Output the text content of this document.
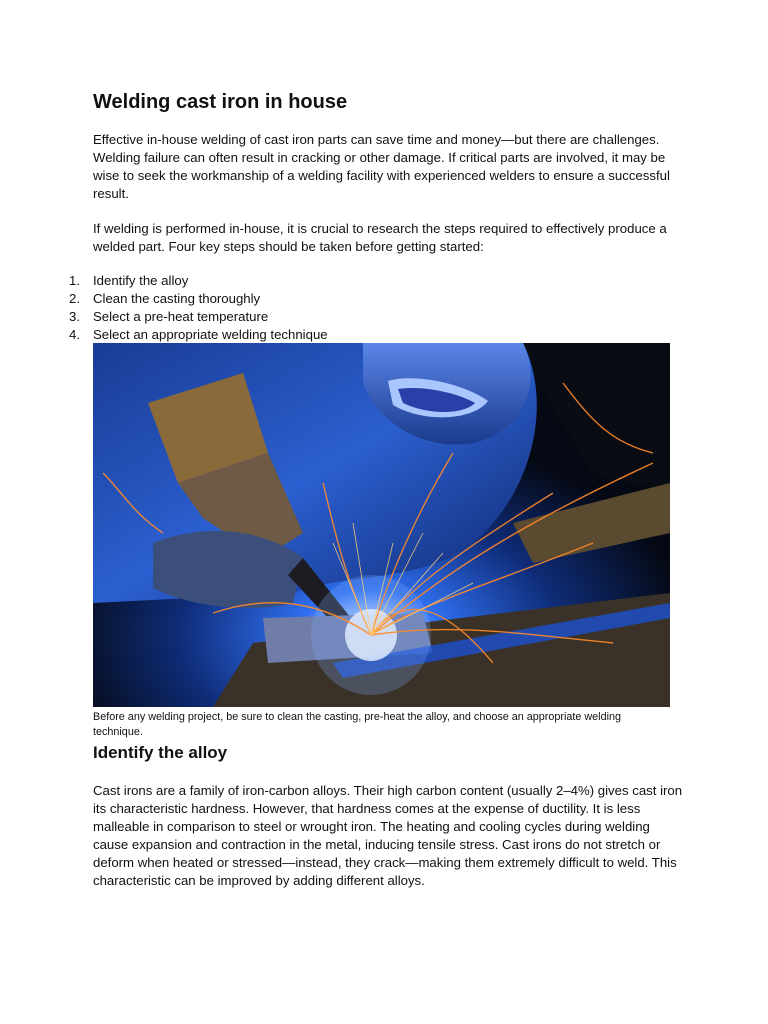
Welding cast iron in house

Effective in-house welding of cast iron parts can save time and money—but there are challenges. Welding failure can often result in cracking or other damage. If critical parts are involved, it may be wise to seek the workmanship of a welding facility with experienced welders to ensure a successful result.

If welding is performed in-house, it is crucial to research the steps required to effectively produce a welded part. Four key steps should be taken before getting started:

1. Identify the alloy
2. Clean the casting thoroughly
3. Select a pre-heat temperature
4. Select an appropriate welding technique

Before any welding project, be sure to clean the casting, pre-heat the alloy, and choose an appropriate welding technique.

Identify the alloy

Cast irons are a family of iron-carbon alloys. Their high carbon content (usually 2–4%) gives cast iron its characteristic hardness. However, that hardness comes at the expense of ductility. It is less malleable in comparison to steel or wrought iron. The heating and cooling cycles during welding cause expansion and contraction in the metal, inducing tensile stress. Cast irons do not stretch or deform when heated or stressed—instead, they crack—making them extremely difficult to weld. This characteristic can be improved by adding different alloys.
